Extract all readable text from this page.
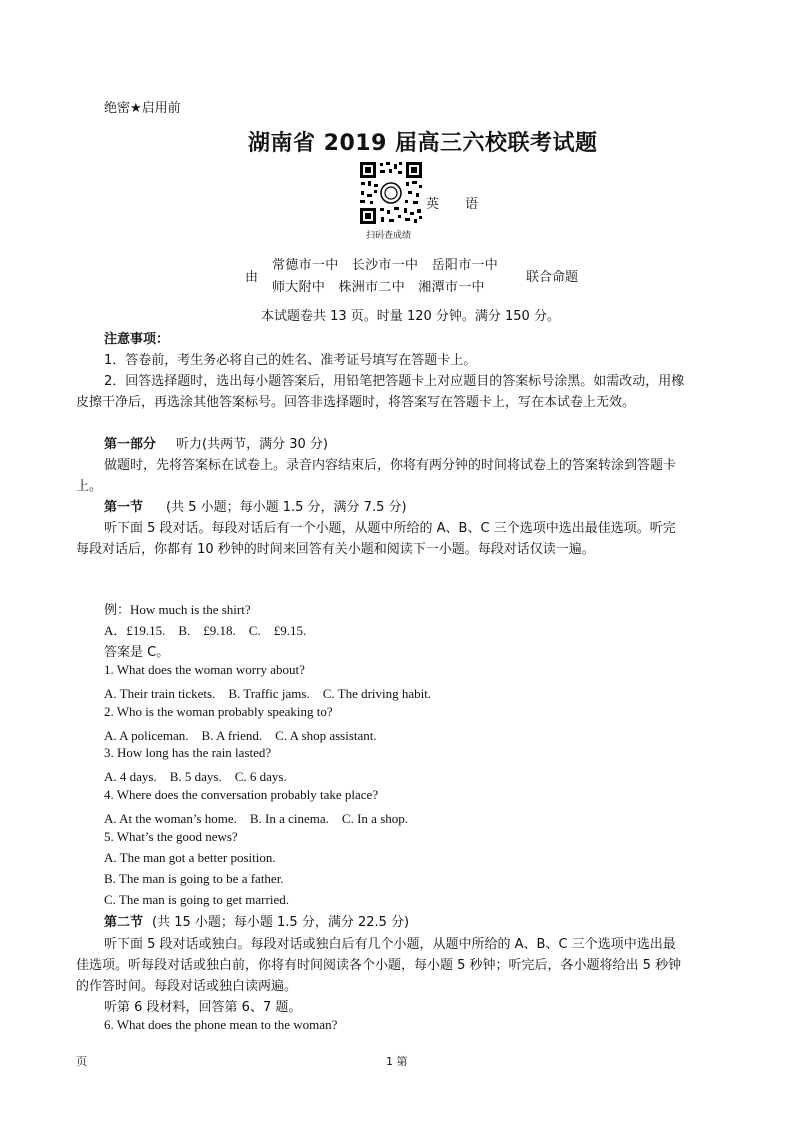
绝密★启用前
湖南省 2019 届高三六校联考试题
扫码查成绩
英　　语
由
常德市一中　长沙市一中　岳阳市一中
师大附中　株洲市二中　湘潭市一中
联合命题
本试题卷共 13 页。时量 120 分钟。满分 150 分。
注意事项：
1．答卷前，考生务必将自己的姓名、准考证号填写在答题卡上。
2．回答选择题时，选出每小题答案后，用铅笔把答题卡上对应题目的答案标号涂黑。如需改动，用橡
皮擦干净后，再选涂其他答案标号。回答非选择题时，将答案写在答题卡上，写在本试卷上无效。
第一部分 听力(共两节，满分 30 分)
做题时，先将答案标在试卷上。录音内容结束后，你将有两分钟的时间将试卷上的答案转涂到答题卡
上。
第一节 (共 5 小题；每小题 1.5 分，满分 7.5 分)
听下面 5 段对话。每段对话后有一个小题，从题中所给的 A、B、C 三个选项中选出最佳选项。听完
每段对话后，你都有 10 秒钟的时间来回答有关小题和阅读下一小题。每段对话仅读一遍。
例：How much is the shirt?
A．£19.15.　B.　£9.18.　C.　£9.15.
答案是 C。
1. What does the woman worry about?
A. Their train tickets.　B. Traffic jams.　C. The driving habit.
2. Who is the woman probably speaking to?
A. A policeman.　B. A friend.　C. A shop assistant.
3. How long has the rain lasted?
A. 4 days.　B. 5 days.　C. 6 days.
4. Where does the conversation probably take place?
A. At the woman’s home.　B. In a cinema.　C. In a shop.
5. What’s the good news?
A. The man got a better position.
B. The man is going to be a father.
C. The man is going to get married.
第二节 (共 15 小题；每小题 1.5 分，满分 22.5 分)
听下面 5 段对话或独白。每段对话或独白后有几个小题，从题中所给的 A、B、C 三个选项中选出最
佳选项。听每段对话或独白前，你将有时间阅读各个小题，每小题 5 秒钟；听完后，各小题将给出 5 秒钟
的作答时间。每段对话或独白读两遍。
听第 6 段材料，回答第 6、7 题。
6. What does the phone mean to the woman?
页	1 第
